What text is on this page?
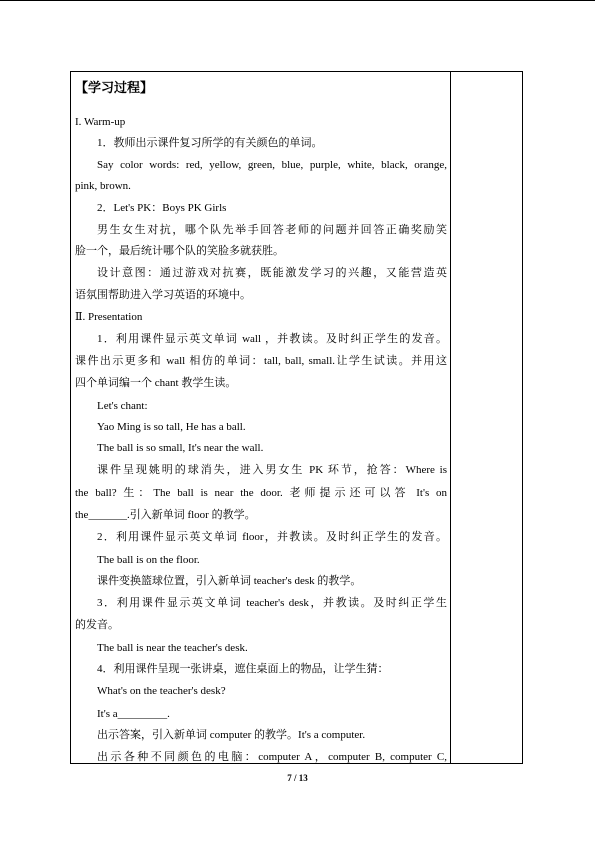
【学习过程】
I. Warm-up
1．教师出示课件复习所学的有关颜色的单词。
Say color words: red, yellow, green, blue, purple, white, black, orange,
pink, brown.
2．Let's PK：Boys PK Girls
男生女生对抗，哪个队先举手回答老师的问题并回答正确奖励笑
脸一个，最后统计哪个队的笑脸多就获胜。
设计意图：通过游戏对抗赛，既能激发学习的兴趣，又能营造英
语氛围帮助进入学习英语的环境中。
Ⅱ. Presentation
1．利用课件显示英文单词 wall ，并教读。及时纠正学生的发音。
课件出示更多和 wall 相仿的单词：tall, ball, small.让学生试读。并用这
四个单词编一个 chant 教学生读。
Let's chant:
Yao Ming is so tall, He has a ball.
The ball is so small, It's near the wall.
课件呈现姚明的球消失，进入男女生 PK 环节，抢答：Where is
the ball? 生：The ball is near the door. 老师提示还可以答 It's on
the_______.引入新单词 floor 的教学。
2．利用课件显示英文单词 floor，并教读。及时纠正学生的发音。
The ball is on the floor.
课件变换篮球位置，引入新单词 teacher's desk 的教学。
3．利用课件显示英文单词 teacher's desk，并教读。及时纠正学生
的发音。
The ball is near the teacher's desk.
4．利用课件呈现一张讲桌，遮住桌面上的物品，让学生猜：
What's on the teacher's desk?
It's a_________.
出示答案，引入新单词 computer 的教学。It's a computer.
出示各种不同颜色的电脑：computer A，computer B, computer C,
7 / 13
